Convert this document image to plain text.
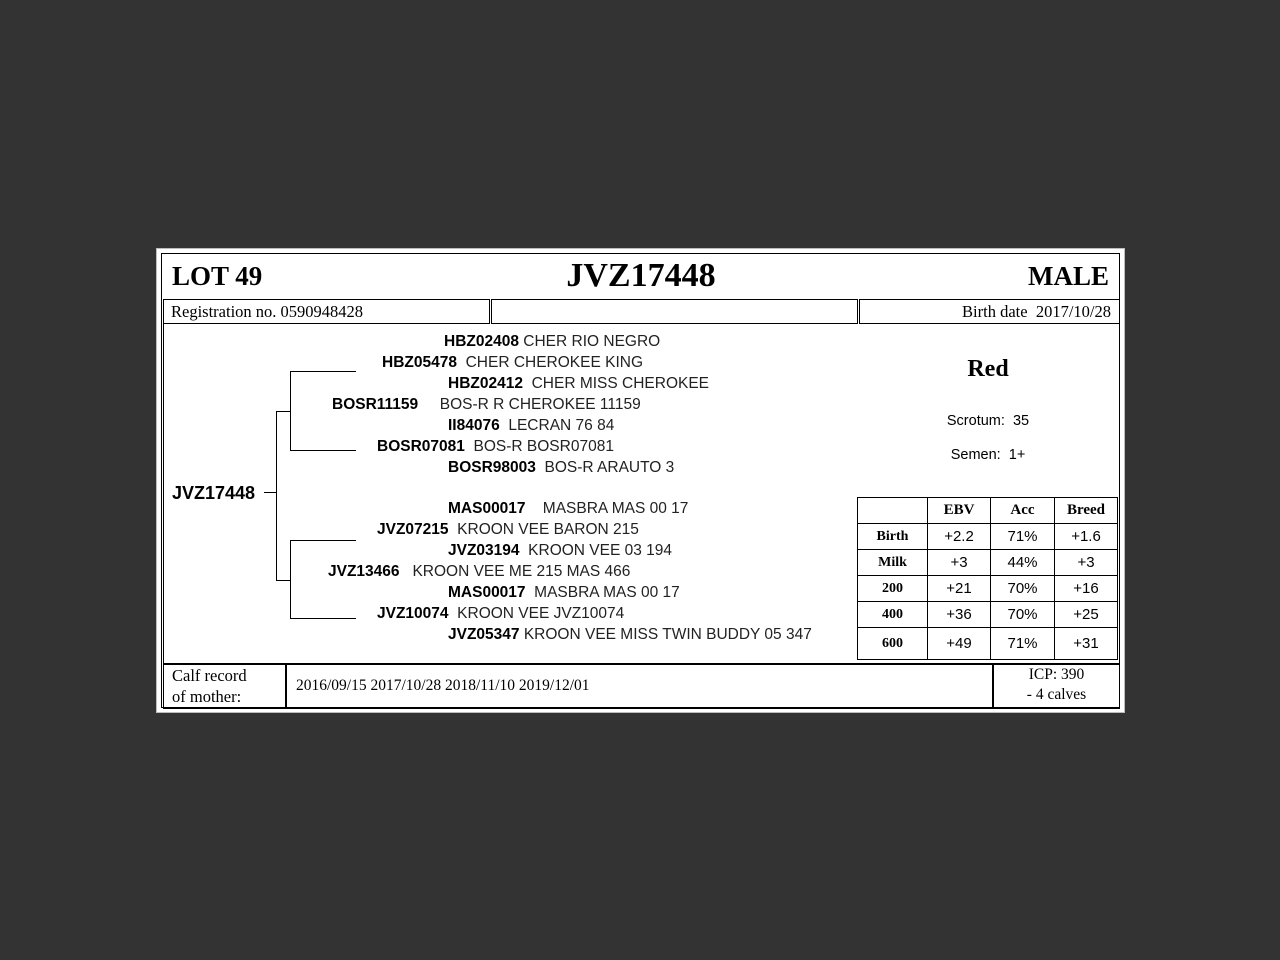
LOT 49	JVZ17448	MALE
Registration no. 0590948428	Birth date 2017/10/28
JVZ17448
HBZ02408 CHER RIO NEGRO
HBZ05478 CHER CHEROKEE KING
HBZ02412 CHER MISS CHEROKEE
BOSR11159 BOS-R R CHEROKEE 11159
II84076 LECRAN 76 84
BOSR07081 BOS-R BOSR07081
BOSR98003 BOS-R ARAUTO 3
MAS00017 MASBRA MAS 00 17
JVZ07215 KROON VEE BARON 215
JVZ03194 KROON VEE 03 194
JVZ13466 KROON VEE ME 215 MAS 466
MAS00017 MASBRA MAS 00 17
JVZ10074 KROON VEE JVZ10074
JVZ05347 KROON VEE MISS TWIN BUDDY 05 347
Red
Scrotum: 35
Semen: 1+
	EBV	Acc	Breed
Birth	+2.2	71%	+1.6
Milk	+3	44%	+3
200	+21	70%	+16
400	+36	70%	+25
600	+49	71%	+31
Calf record
of mother:
2016/09/15 2017/10/28 2018/11/10 2019/12/01
ICP: 390
- 4 calves
